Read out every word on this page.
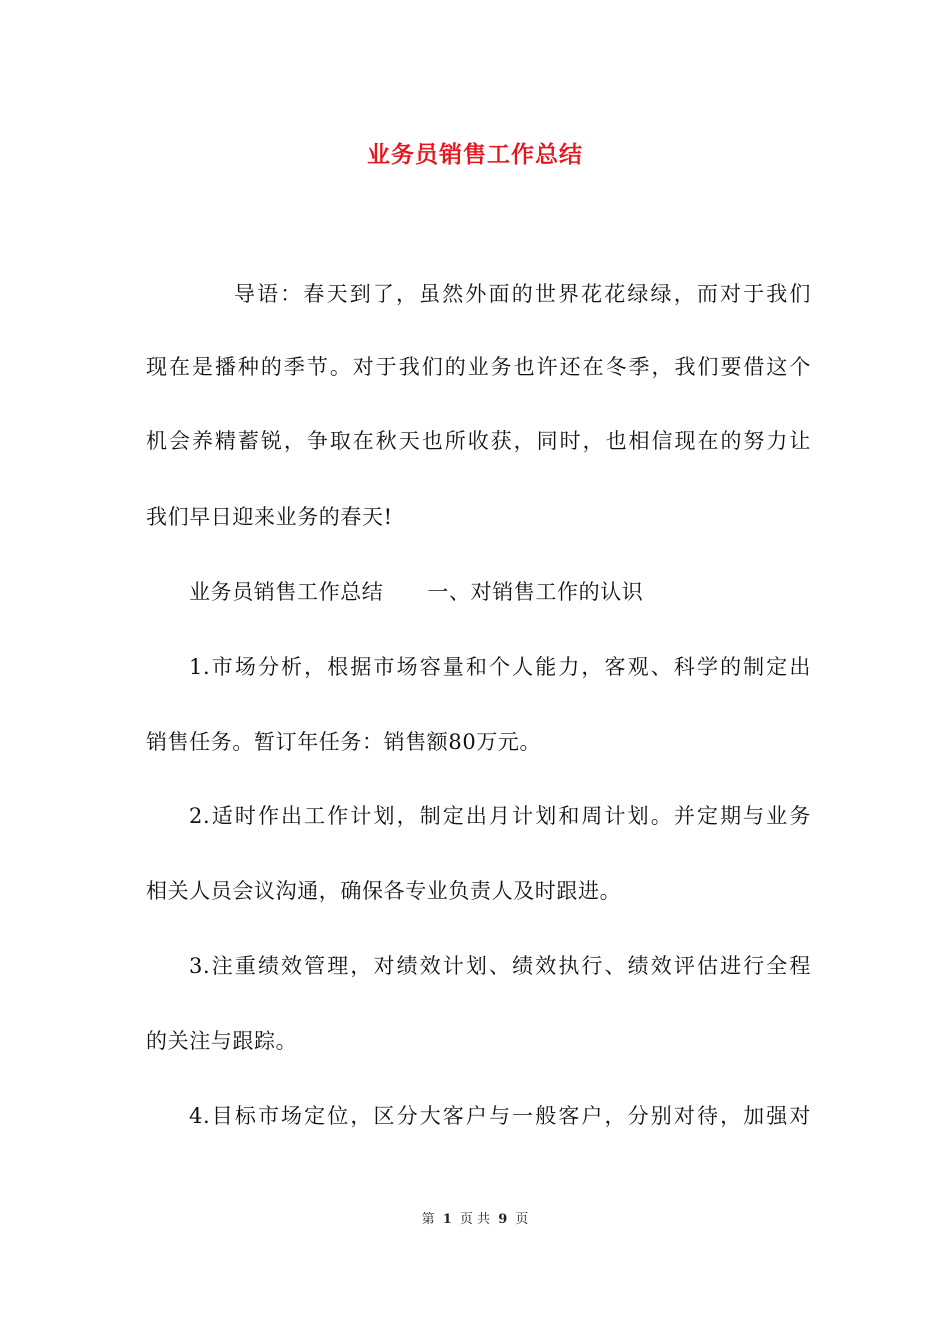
业务员销售工作总结
导语：春天到了，虽然外面的世界花花绿绿，而对于我们
现在是播种的季节。对于我们的业务也许还在冬季，我们要借这个
机会养精蓄锐，争取在秋天也所收获，同时，也相信现在的努力让
我们早日迎来业务的春天!
业务员销售工作总结 一、对销售工作的认识
1.市场分析，根据市场容量和个人能力，客观、科学的制定出
销售任务。暂订年任务：销售额80万元。
2.适时作出工作计划，制定出月计划和周计划。并定期与业务
相关人员会议沟通，确保各专业负责人及时跟进。
3.注重绩效管理，对绩效计划、绩效执行、绩效评估进行全程
的关注与跟踪。
4.目标市场定位，区分大客户与一般客户，分别对待，加强对
第 1 页 共 9 页
